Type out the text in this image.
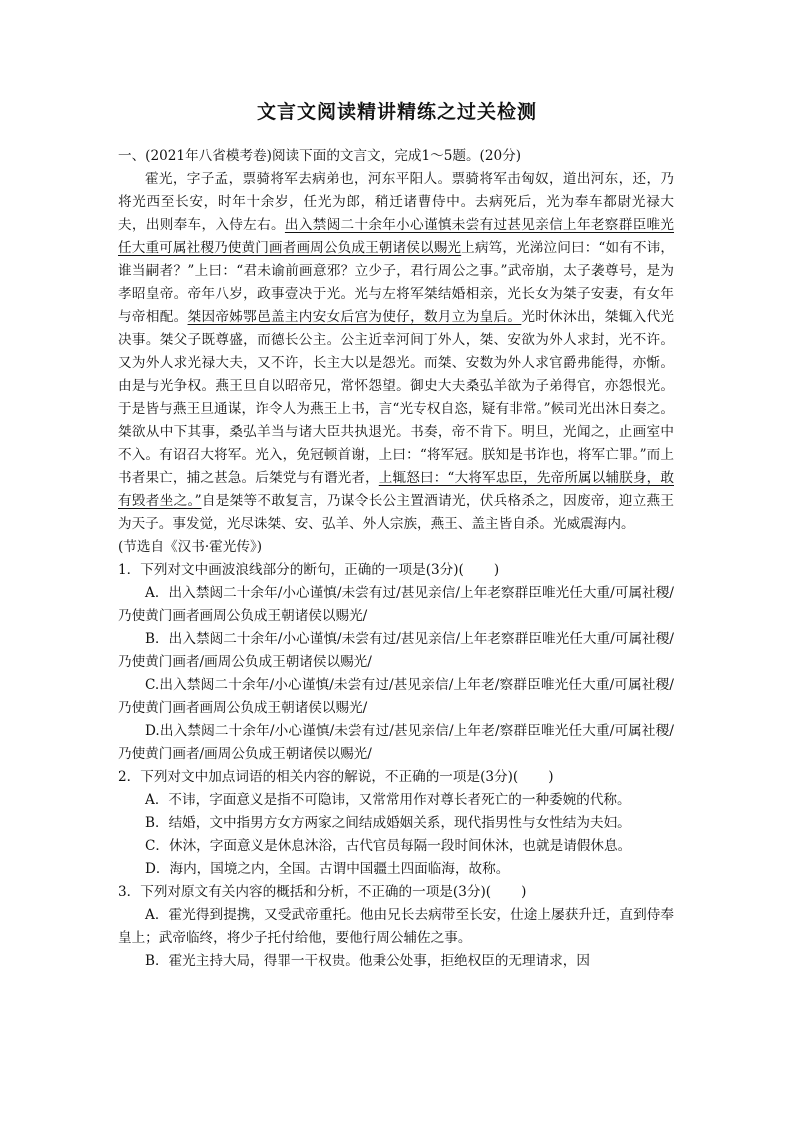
文言文阅读精讲精练之过关检测

一、(2021年八省模考卷)阅读下面的文言文，完成1～5题。(20分)

霍光，字子孟，票骑将军去病弟也，河东平阳人。票骑将军击匈奴，道出河东，还，乃将光西至长安，时年十余岁，任光为郎，稍迁诸曹侍中。去病死后，光为奉车都尉光禄大夫，出则奉车，入侍左右。出入禁闼二十余年小心谨慎未尝有过甚见亲信上年老察群臣唯光任大重可属社稷乃使黄门画者画周公负成王朝诸侯以赐光上病笃，光涕泣问曰：“如有不讳，谁当嗣者？”上曰：“君未谕前画意邪？立少子，君行周公之事。”武帝崩，太子袭尊号，是为孝昭皇帝。帝年八岁，政事壹决于光。光与左将军桀结婚相亲，光长女为桀子安妻，有女年与帝相配。桀因帝姊鄂邑盖主内安女后宫为使仔，数月立为皇后。光时休沐出，桀辄入代光决事。桀父子既尊盛，而德长公主。公主近幸河间丁外人，桀、安欲为外人求封，光不许。又为外人求光禄大夫，又不许，长主大以是怨光。而桀、安数为外人求官爵弗能得，亦惭。由是与光争权。燕王旦自以昭帝兄，常怀怨望。御史大夫桑弘羊欲为子弟得官，亦怨恨光。于是皆与燕王旦通谋，诈令人为燕王上书，言“光专权自恣，疑有非常。”候司光出沐日奏之。桀欲从中下其事，桑弘羊当与诸大臣共执退光。书奏，帝不肯下。明旦，光闻之，止画室中不入。有诏召大将军。光入，免冠顿首谢，上曰：“将军冠。朕知是书诈也，将军亡罪。”而上书者果亡，捕之甚急。后桀党与有谮光者，上辄怒曰：“大将军忠臣，先帝所属以辅朕身，敢有毁者坐之。”自是桀等不敢复言，乃谋令长公主置酒请光，伏兵格杀之，因废帝，迎立燕王为天子。事发觉，光尽诛桀、安、弘羊、外人宗族，燕王、盖主皆自杀。光威震海内。

(节选自《汉书·霍光传》)

1．下列对文中画波浪线部分的断句，正确的一项是(3分)( )

A．出入禁闼二十余年/小心谨慎/未尝有过/甚见亲信/上年老察群臣唯光任大重/可属社稷/乃使黄门画者画周公负成王朝诸侯以赐光/

B．出入禁闼二十余年/小心谨慎/未尝有过/甚见亲信/上年老察群臣唯光任大重/可属社稷/乃使黄门画者/画周公负成王朝诸侯以赐光/

C.出入禁闼二十余年/小心谨慎/未尝有过/甚见亲信/上年老/察群臣唯光任大重/可属社稷/乃使黄门画者画周公负成王朝诸侯以赐光/

D.出入禁闼二十余年/小心谨慎/未尝有过/甚见亲信/上年老/察群臣唯光任大重/可属社稷/乃使黄门画者/画周公负成王朝诸侯以赐光/

2．下列对文中加点词语的相关内容的解说，不正确的一项是(3分)( )

A．不讳，字面意义是指不可隐讳，又常常用作对尊长者死亡的一种委婉的代称。

B．结婚，文中指男方女方两家之间结成婚姻关系，现代指男性与女性结为夫妇。

C．休沐，字面意义是休息沐浴，古代官员每隔一段时间休沐，也就是请假休息。

D．海内，国境之内，全国。古谓中国疆土四面临海，故称。

3．下列对原文有关内容的概括和分析，不正确的一项是(3分)( )

A．霍光得到提携，又受武帝重托。他由兄长去病带至长安，仕途上屡获升迁，直到侍奉皇上；武帝临终，将少子托付给他，要他行周公辅佐之事。

B．霍光主持大局，得罪一干权贵。他秉公处事，拒绝权臣的无理请求，因
